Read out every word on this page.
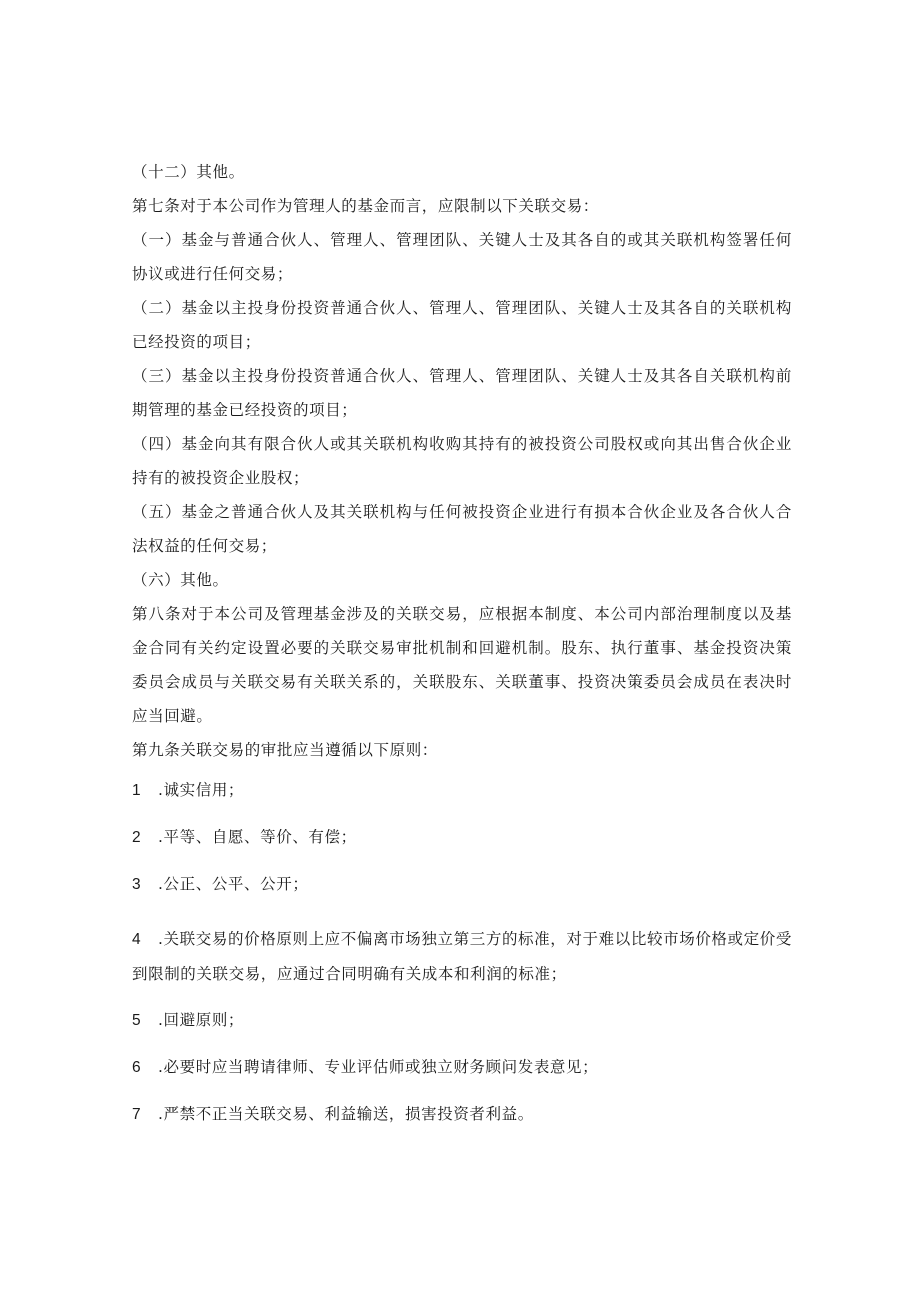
（十二）其他。

第七条对于本公司作为管理人的基金而言，应限制以下关联交易：

（一）基金与普通合伙人、管理人、管理团队、关键人士及其各自的或其关联机构签署任何协议或进行任何交易；

（二）基金以主投身份投资普通合伙人、管理人、管理团队、关键人士及其各自的关联机构已经投资的项目；

（三）基金以主投身份投资普通合伙人、管理人、管理团队、关键人士及其各自关联机构前期管理的基金已经投资的项目；

（四）基金向其有限合伙人或其关联机构收购其持有的被投资公司股权或向其出售合伙企业持有的被投资企业股权；

（五）基金之普通合伙人及其关联机构与任何被投资企业进行有损本合伙企业及各合伙人合法权益的任何交易；

（六）其他。

第八条对于本公司及管理基金涉及的关联交易，应根据本制度、本公司内部治理制度以及基金合同有关约定设置必要的关联交易审批机制和回避机制。股东、执行董事、基金投资决策委员会成员与关联交易有关联关系的，关联股东、关联董事、投资决策委员会成员在表决时应当回避。

第九条关联交易的审批应当遵循以下原则：

1 .诚实信用；

2 .平等、自愿、等价、有偿；

3 .公正、公平、公开；

4 .关联交易的价格原则上应不偏离市场独立第三方的标准，对于难以比较市场价格或定价受到限制的关联交易，应通过合同明确有关成本和利润的标准；

5 .回避原则；

6 .必要时应当聘请律师、专业评估师或独立财务顾问发表意见；

7 .严禁不正当关联交易、利益输送，损害投资者利益。
